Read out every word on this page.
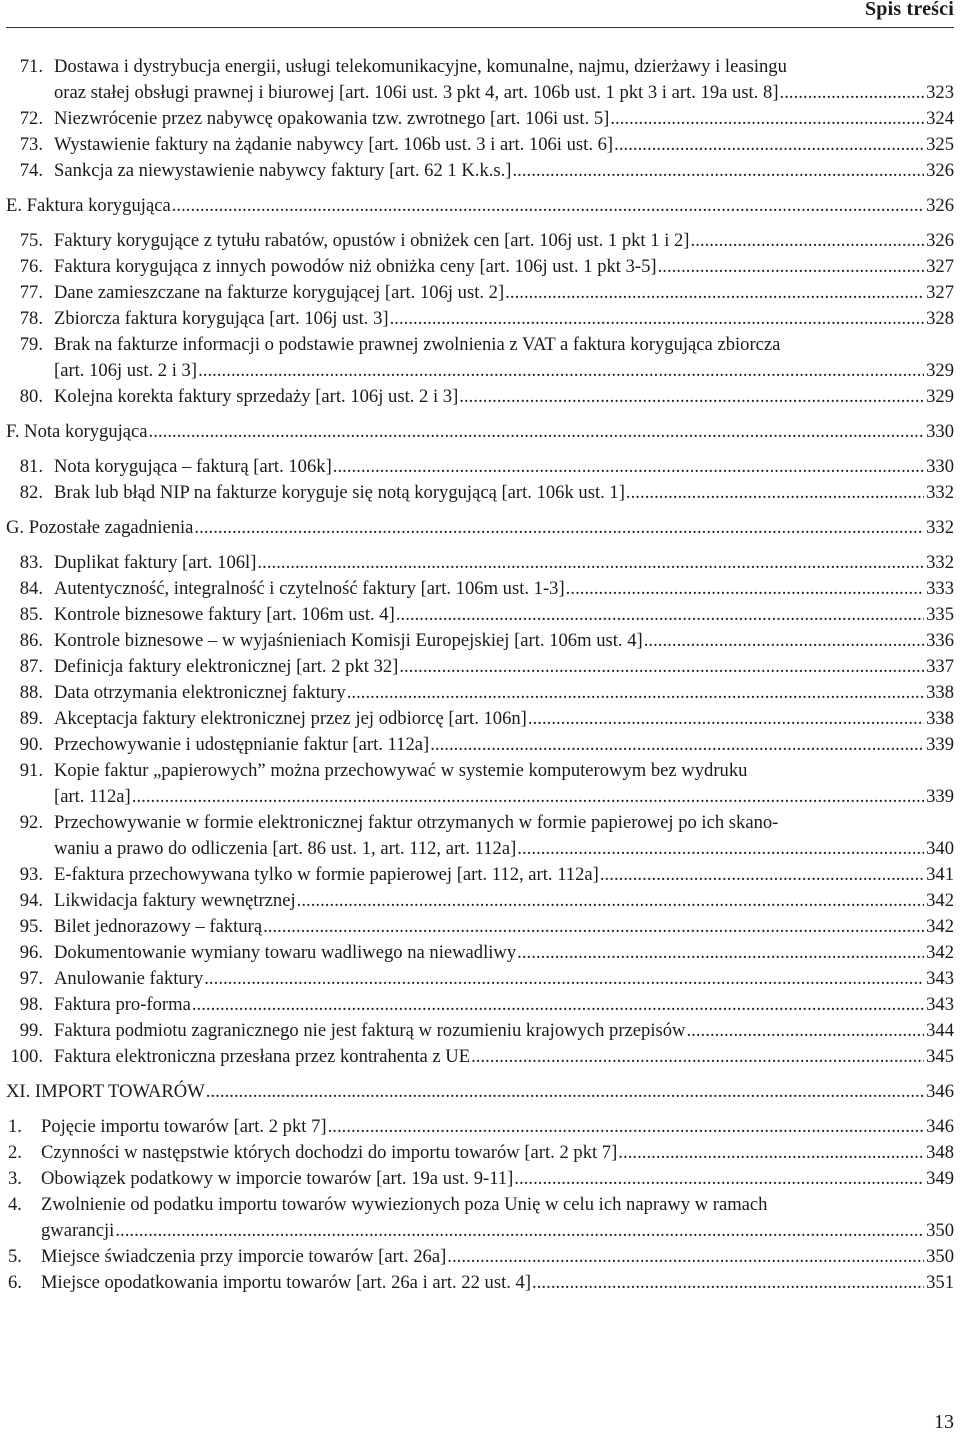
Spis treści
71. Dostawa i dystrybucja energii, usługi telekomunikacyjne, komunalne, najmu, dzierżawy i leasingu
oraz stałej obsługi prawnej i biurowej [art. 106i ust. 3 pkt 4, art. 106b ust. 1 pkt 3 i art. 19a ust. 8] . . .	323
72. Niezwrócenie przez nabywcę opakowania tzw. zwrotnego [art. 106i ust. 5] . . .	324
73. Wystawienie faktury na żądanie nabywcy [art. 106b ust. 3 i art. 106i ust. 6] . . .	325
74. Sankcja za niewystawienie nabywcy faktury [art. 62 1 K.k.s.] . . .	326
E. Faktura korygująca . . .	326
75. Faktury korygujące z tytułu rabatów, opustów i obniżek cen [art. 106j ust. 1 pkt 1 i 2] . . .	326
76. Faktura korygująca z innych powodów niż obniżka ceny [art. 106j ust. 1 pkt 3-5] . . .	327
77. Dane zamieszczane na fakturze korygującej [art. 106j ust. 2] . . .	327
78. Zbiorcza faktura korygująca [art. 106j ust. 3] . . .	328
79. Brak na fakturze informacji o podstawie prawnej zwolnienia z VAT a faktura korygująca zbiorcza
[art. 106j ust. 2 i 3] . . .	329
80. Kolejna korekta faktury sprzedaży [art. 106j ust. 2 i 3] . . .	329
F. Nota korygująca . . .	330
81. Nota korygująca – fakturą [art. 106k] . . .	330
82. Brak lub błąd NIP na fakturze koryguje się notą korygującą [art. 106k ust. 1] . . .	332
G. Pozostałe zagadnienia . . .	332
83. Duplikat faktury [art. 106l] . . .	332
84. Autentyczność, integralność i czytelność faktury [art. 106m ust. 1-3] . . .	333
85. Kontrole biznesowe faktury [art. 106m ust. 4] . . .	335
86. Kontrole biznesowe – w wyjaśnieniach Komisji Europejskiej [art. 106m ust. 4] . . .	336
87. Definicja faktury elektronicznej [art. 2 pkt 32] . . .	337
88. Data otrzymania elektronicznej faktury . . .	338
89. Akceptacja faktury elektronicznej przez jej odbiorcę [art. 106n] . . .	338
90. Przechowywanie i udostępnianie faktur [art. 112a] . . .	339
91. Kopie faktur „papierowych” można przechowywać w systemie komputerowym bez wydruku
[art. 112a] . . .	339
92. Przechowywanie w formie elektronicznej faktur otrzymanych w formie papierowej po ich skano-
waniu a prawo do odliczenia [art. 86 ust. 1, art. 112, art. 112a] . . .	340
93. E-faktura przechowywana tylko w formie papierowej [art. 112, art. 112a] . . .	341
94. Likwidacja faktury wewnętrznej . . .	342
95. Bilet jednorazowy – fakturą . . .	342
96. Dokumentowanie wymiany towaru wadliwego na niewadliwy . . .	342
97. Anulowanie faktury . . .	343
98. Faktura pro-forma . . .	343
99. Faktura podmiotu zagranicznego nie jest fakturą w rozumieniu krajowych przepisów . . .	344
100. Faktura elektroniczna przesłana przez kontrahenta z UE . . .	345
XI. IMPORT TOWARÓW . . .	346
1. Pojęcie importu towarów [art. 2 pkt 7] . . .	346
2. Czynności w następstwie których dochodzi do importu towarów [art. 2 pkt 7] . . .	348
3. Obowiązek podatkowy w imporcie towarów [art. 19a ust. 9-11] . . .	349
4. Zwolnienie od podatku importu towarów wywiezionych poza Unię w celu ich naprawy w ramach
gwarancji . . .	350
5. Miejsce świadczenia przy imporcie towarów [art. 26a] . . .	350
6. Miejsce opodatkowania importu towarów [art. 26a i art. 22 ust. 4] . . .	351
13
